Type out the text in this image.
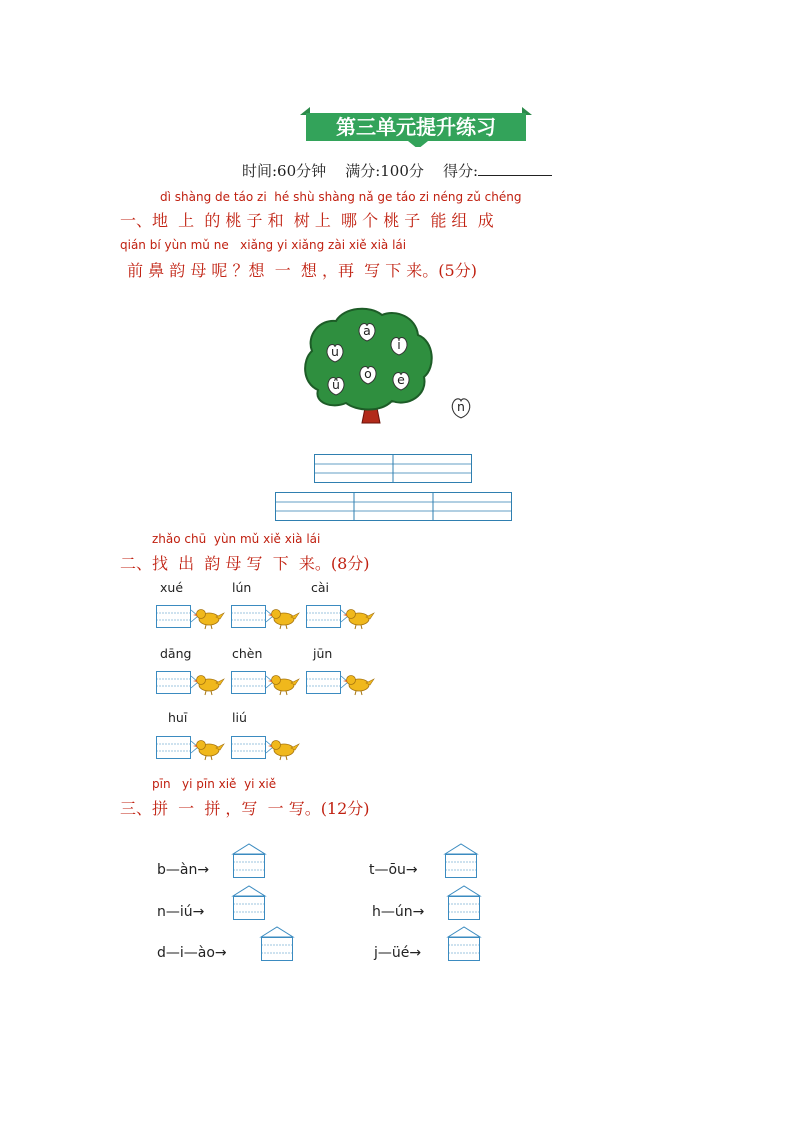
第三单元提升练习
时间:60分钟 满分:100分 得分:
dì shàng de táo zi  hé shù shàng nǎ ge táo zi néng zǔ chéng
一、地  上  的 桃 子 和  树 上  哪 个 桃 子  能 组  成
qián bí yùn mǔ ne   xiǎng yi xiǎng zài xiě xià lái
前 鼻 韵 母 呢 ？想  一  想 ，再  写 下 来。(5分)
a
i
u
o
ü	e
n
zhǎo chū  yùn mǔ xiě xià lái
二、找  出  韵 母 写  下  来。(8分)
xué	lún	cài
dāng	chèn	jūn
huī	liú
pīn   yi pīn xiě  yi xiě
三、拼  一  拼 ，写  一 写。(12分)
b—àn→	t—ōu→
n—iú→	h—ún→
d—i—ào→	j—üé→
